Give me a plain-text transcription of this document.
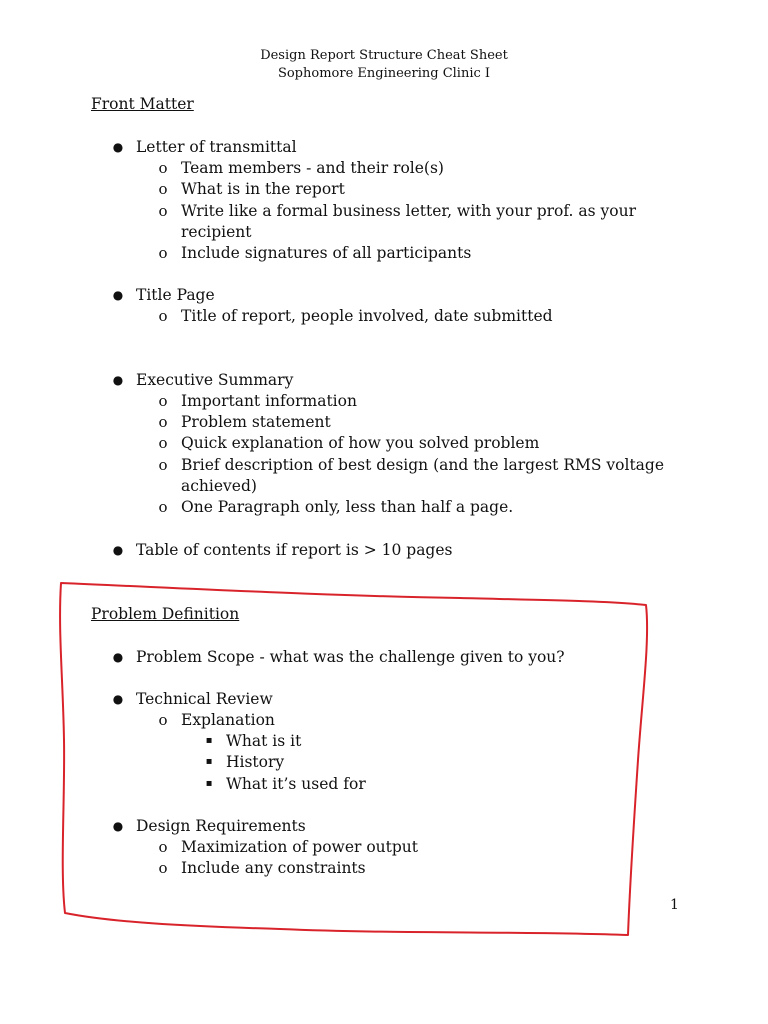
Design Report Structure Cheat Sheet
Sophomore Engineering Clinic I
Front Matter
● Letter of transmittal
o Team members - and their role(s)
o What is in the report
o Write like a formal business letter, with your prof. as your
recipient
o Include signatures of all participants
● Title Page
o Title of report, people involved, date submitted
● Executive Summary
o Important information
o Problem statement
o Quick explanation of how you solved problem
o Brief description of best design (and the largest RMS voltage
achieved)
o One Paragraph only, less than half a page.
● Table of contents if report is > 10 pages
Problem Definition
● Problem Scope - what was the challenge given to you?
● Technical Review
o Explanation
▪ What is it
▪ History
▪ What it’s used for
● Design Requirements
o Maximization of power output
o Include any constraints
1
